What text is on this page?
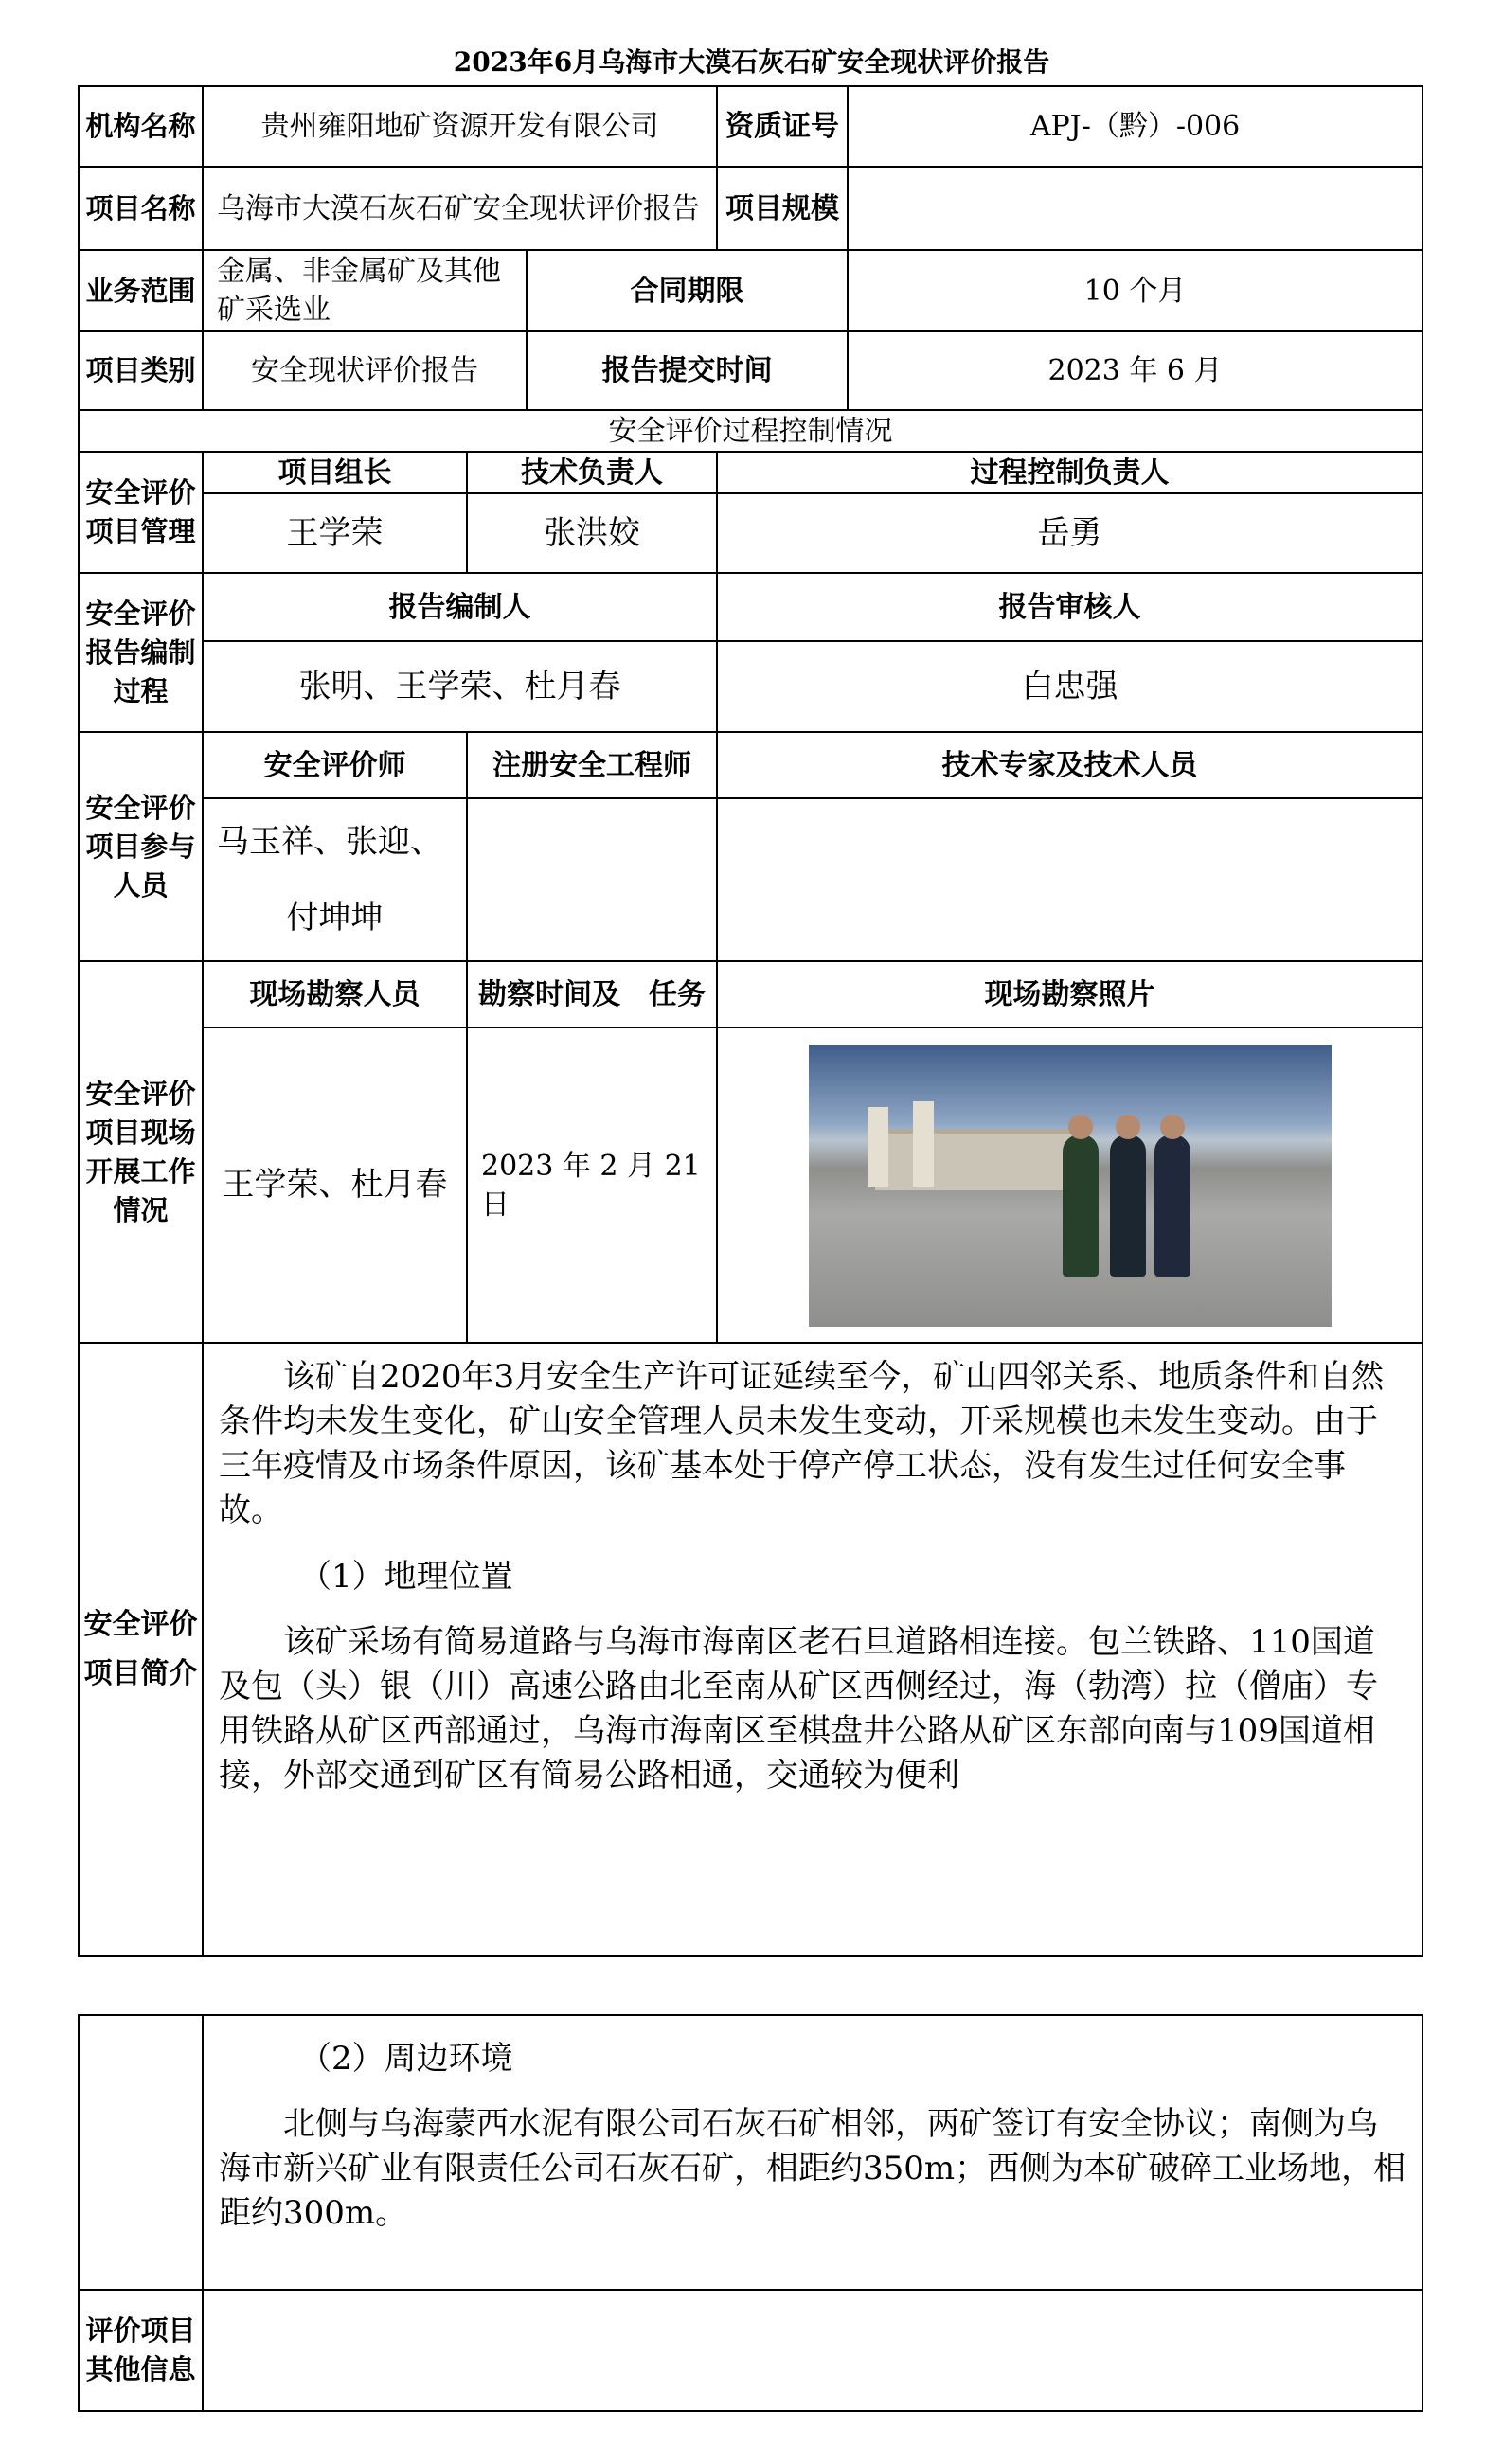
2023年6月乌海市大漠石灰石矿安全现状评价报告
机构名称	贵州雍阳地矿资源开发有限公司			资质证号	APJ-（黔）-006
项目名称	乌海市大漠石灰石矿安全现状评价报告			项目规模	
业务范围	金属、非金属矿及其他矿采选业		合同期限		10 个月
项目类别	安全现状评价报告		报告提交时间		2023 年 6 月
安全评价过程控制情况					
安全评价项目管理	项目组长	技术负责人		过程控制负责人	
	王学荣	张洪姣		岳勇	
安全评价报告编制过程	报告编制人			报告审核人	
	张明、王学荣、杜月春			白忠强	
安全评价项目参与人员	安全评价师	注册安全工程师		技术专家及技术人员	

	马玉祥、张迎、
付坤坤				

安全评价项目现场开展工作情况	现场勘察人员	勘察时间及　任务		现场勘察照片	
	王学荣、杜月春	2023 年 2 月 21 日			

安全评价项目简介	该矿自2020年3月安全生产许可证延续至今，矿山四邻关系、地质条件和自然条件均未发生变化，矿山安全管理人员未发生变动，开采规模也未发生变动。由于三年疫情及市场条件原因，该矿基本处于停产停工状态，没有发生过任何安全事故。

（1）地理位置

该矿采场有简易道路与乌海市海南区老石旦道路相连接。包兰铁路、110国道及包（头）银（川）高速公路由北至南从矿区西侧经过，海（勃湾）拉（僧庙）专用铁路从矿区西部通过，乌海市海南区至棋盘井公路从矿区东部向南与109国道相接，外部交通到矿区有简易公路相通，交通较为便利				

	（2）周边环境

北侧与乌海蒙西水泥有限公司石灰石矿相邻，两矿签订有安全协议；南侧为乌海市新兴矿业有限责任公司石灰石矿，相距约350m；西侧为本矿破碎工业场地，相距约300m。

评价项目其他信息	
